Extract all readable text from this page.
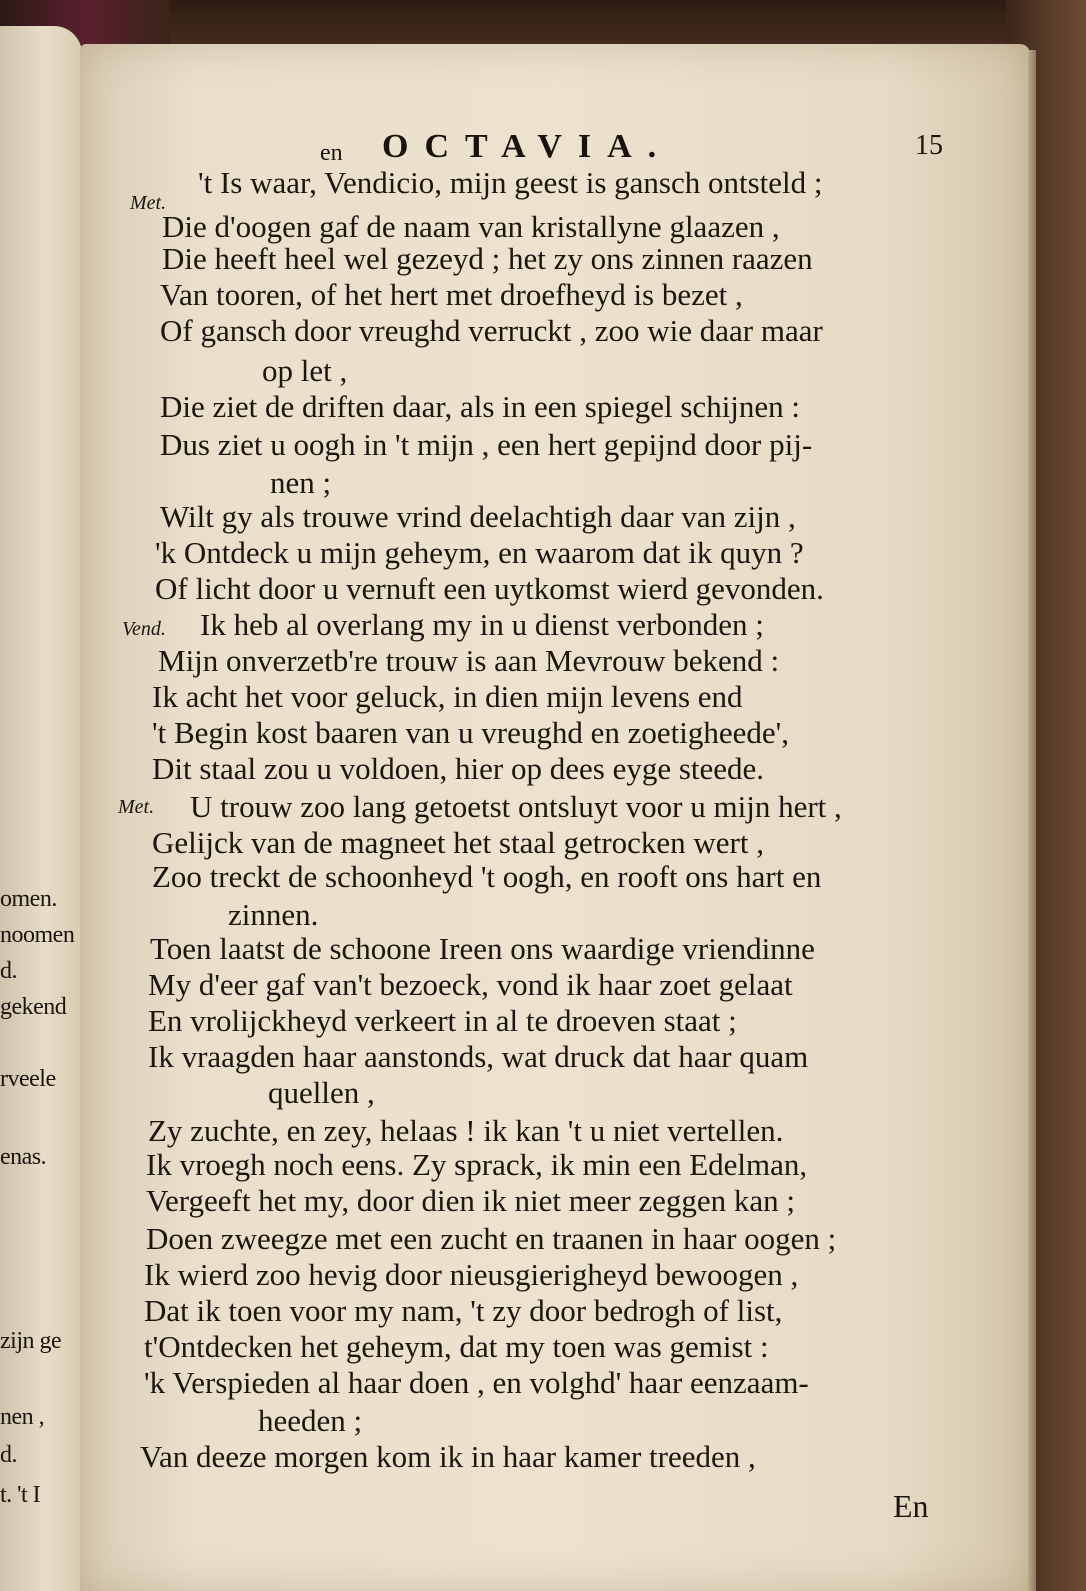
omen.
noomen
d.
gekend
rveele
enas.
zijn ge
nen ,
d.
t. 't I
en OCTAVIA.	15
Met.
Vend.
Met.
't Is waar, Vendicio, mijn geest is gansch ontsteld ;
Die d'oogen gaf de naam van kristallyne glaazen ,
Die heeft heel wel gezeyd ; het zy ons zinnen raazen
Van tooren, of het hert met droefheyd is bezet ,
Of gansch door vreughd verruckt , zoo wie daar maar
op let ,
Die ziet de driften daar, als in een spiegel schijnen :
Dus ziet u oogh in 't mijn , een hert gepijnd door pij-
nen ;
Wilt gy als trouwe vrind deelachtigh daar van zijn ,
'k Ontdeck u mijn geheym, en waarom dat ik quyn ?
Of licht door u vernuft een uytkomst wierd gevonden.
Ik heb al overlang my in u dienst verbonden ;
Mijn onverzetb're trouw is aan Mevrouw bekend :
Ik acht het voor geluck, in dien mijn levens end
't Begin kost baaren van u vreughd en zoetigheede',
Dit staal zou u voldoen, hier op dees eyge steede.
U trouw zoo lang getoetst ontsluyt voor u mijn hert ,
Gelijck van de magneet het staal getrocken wert ,
Zoo treckt de schoonheyd 't oogh, en rooft ons hart en
zinnen.
Toen laatst de schoone Ireen ons waardige vriendinne
My d'eer gaf van't bezoeck, vond ik haar zoet gelaat
En vrolijckheyd verkeert in al te droeven staat ;
Ik vraagden haar aanstonds, wat druck dat haar quam
quellen ,
Zy zuchte, en zey, helaas ! ik kan 't u niet vertellen.
Ik vroegh noch eens. Zy sprack, ik min een Edelman,
Vergeeft het my, door dien ik niet meer zeggen kan ;
Doen zweegze met een zucht en traanen in haar oogen ;
Ik wierd zoo hevig door nieusgierigheyd bewoogen ,
Dat ik toen voor my nam, 't zy door bedrogh of list,
t'Ontdecken het geheym, dat my toen was gemist :
'k Verspieden al haar doen , en volghd' haar eenzaam-
heeden ;
Van deeze morgen kom ik in haar kamer treeden ,
En
